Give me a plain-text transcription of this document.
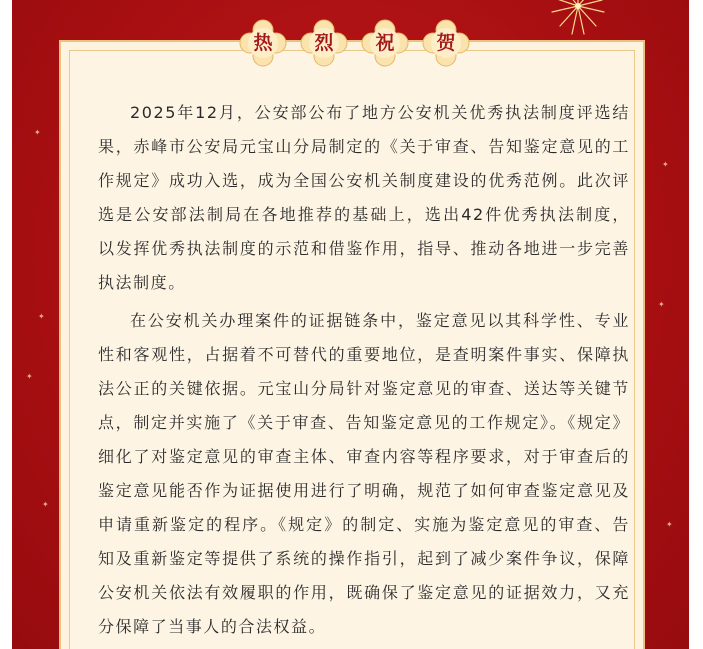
✦
✦
✦
✦
✦
✦
✦
热	烈	祝	贺

2025年12月，公安部公布了地方公安机关优秀执法制度评选结果，赤峰市公安局元宝山分局制定的《关于审查、告知鉴定意见的工作规定》成功入选，成为全国公安机关制度建设的优秀范例。此次评选是公安部法制局在各地推荐的基础上，选出42件优秀执法制度，以发挥优秀执法制度的示范和借鉴作用，指导、推动各地进一步完善执法制度。

在公安机关办理案件的证据链条中，鉴定意见以其科学性、专业性和客观性，占据着不可替代的重要地位，是查明案件事实、保障执法公正的关键依据。元宝山分局针对鉴定意见的审查、送达等关键节点，制定并实施了《关于审查、告知鉴定意见的工作规定》。《规定》细化了对鉴定意见的审查主体、审查内容等程序要求，对于审查后的鉴定意见能否作为证据使用进行了明确，规范了如何审查鉴定意见及申请重新鉴定的程序。《规定》的制定、实施为鉴定意见的审查、告知及重新鉴定等提供了系统的操作指引，起到了减少案件争议，保障公安机关依法有效履职的作用，既确保了鉴定意见的证据效力，又充分保障了当事人的合法权益。
